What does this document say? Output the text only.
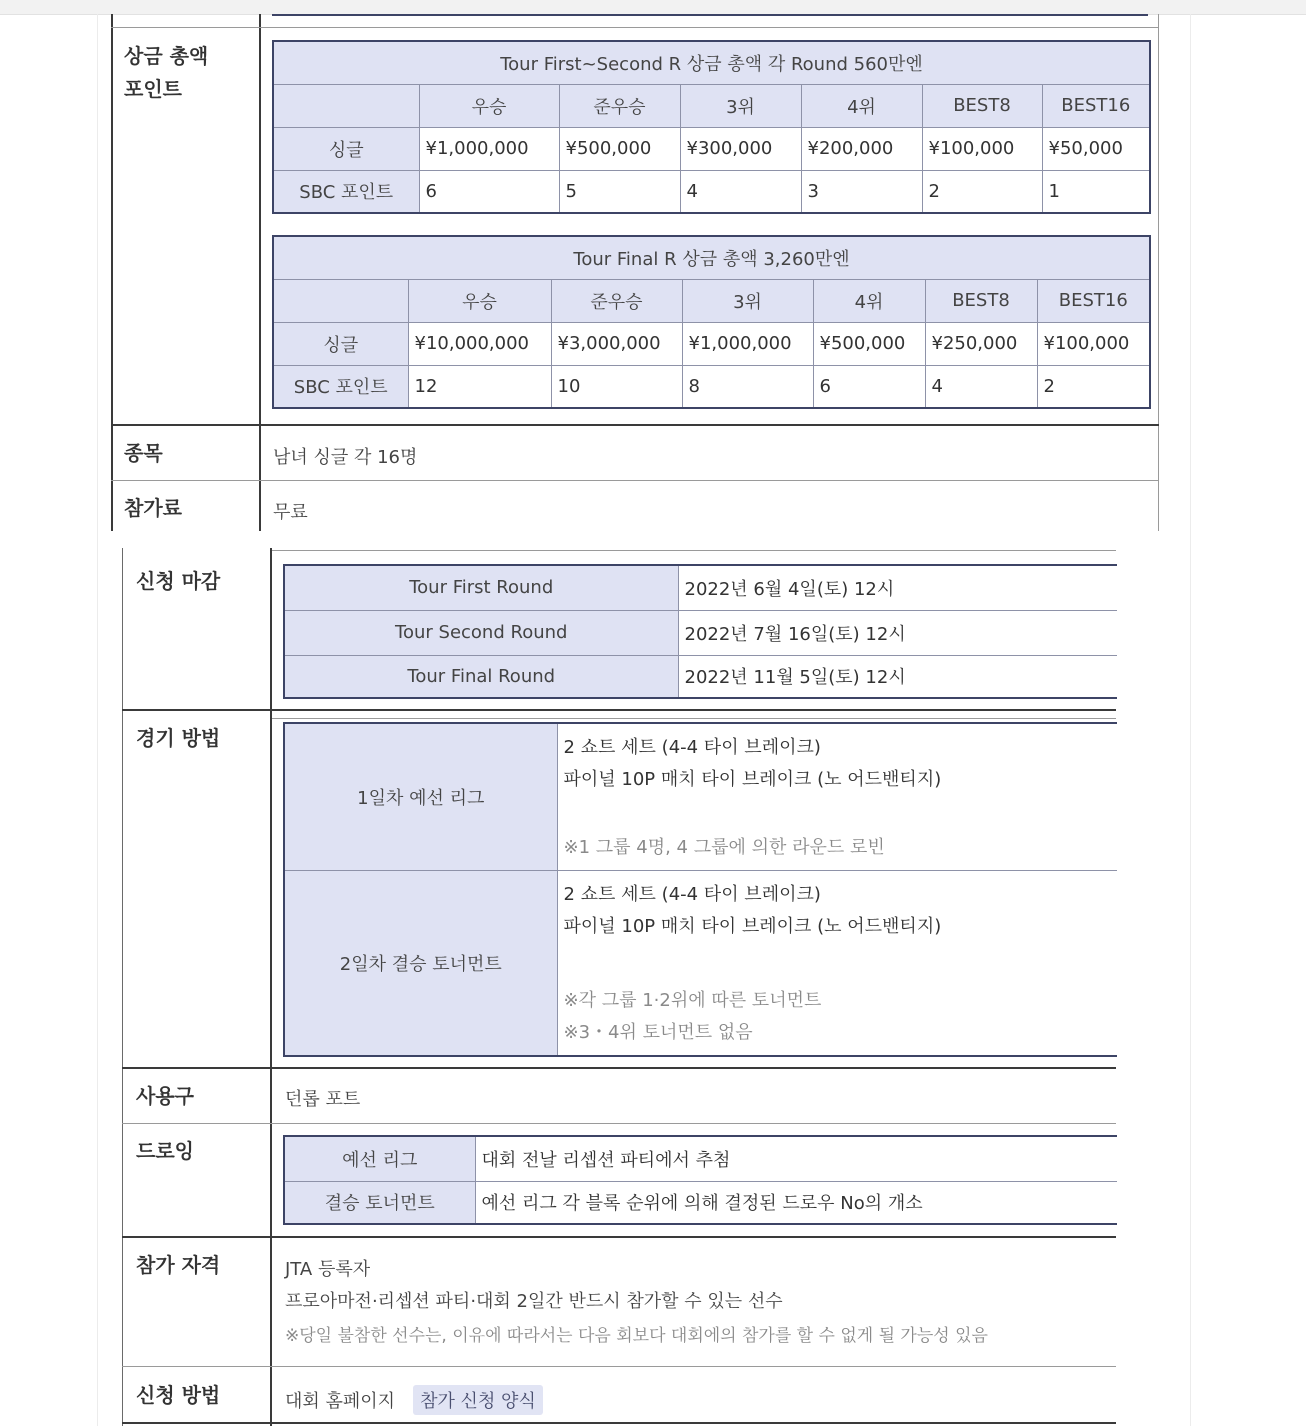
상금 총액
포인트
Tour First~Second R 상금 총액 각 Round 560만엔						
	우승	준우승	3위	4위	BEST8	BEST16
싱글	¥1,000,000	¥500,000	¥300,000	¥200,000	¥100,000	¥50,000
SBC 포인트	6	5	4	3	2	1
Tour Final R 상금 총액 3,260만엔						
	우승	준우승	3위	4위	BEST8	BEST16
싱글	¥10,000,000	¥3,000,000	¥1,000,000	¥500,000	¥250,000	¥100,000
SBC 포인트	12	10	8	6	4	2
종목	남녀 싱글 각 16명
참가료	무료
신청 마감	Tour First Round	2022년 6월 4일(토) 12시
Tour Second Round	2022년 7월 16일(토) 12시
Tour Final Round	2022년 11월 5일(토) 12시
경기 방법
1일차 예선 리그	2 쇼트 세트 (4-4 타이 브레이크)
파이널 10P 매치 타이 브레이크 (노 어드밴티지)
※1 그룹 4명, 4 그룹에 의한 라운드 로빈

2일차 결승 토너먼트	2 쇼트 세트 (4-4 타이 브레이크)
파이널 10P 매치 타이 브레이크 (노 어드밴티지)
※각 그룹 1·2위에 따른 토너먼트
※3・4위 토너먼트 없음
사용구	던롭 포트
드로잉	예선 리그	대회 전날 리셉션 파티에서 추첨
결승 토너먼트	예선 리그 각 블록 순위에 의해 결정된 드로우 No의 개소
참가 자격	JTA 등록자
프로아마전·리셉션 파티·대회 2일간 반드시 참가할 수 있는 선수
※당일 불참한 선수는, 이유에 따라서는 다음 회보다 대회에의 참가를 할 수 없게 될 가능성 있음
신청 방법	대회 홈페이지 참가 신청 양식
